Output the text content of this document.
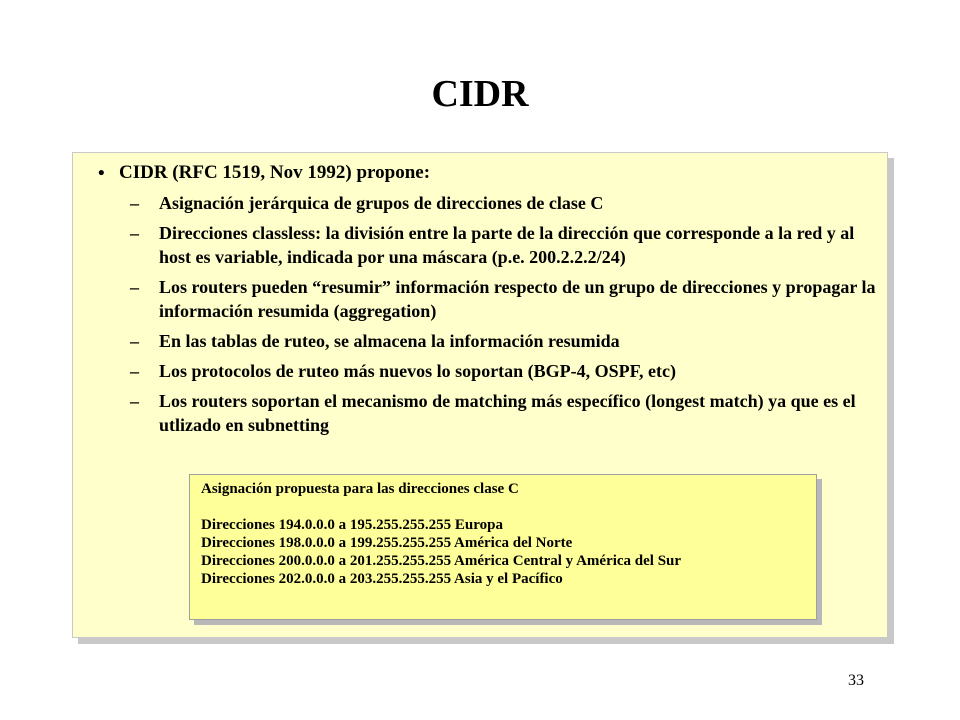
CIDR
• CIDR (RFC 1519, Nov 1992) propone:
– Asignación jerárquica de grupos de direcciones de clase C
– Direcciones classless: la división entre la parte de la dirección que corresponde a la red y al host es variable, indicada por una máscara (p.e. 200.2.2.2/24)
– Los routers pueden “resumir” información respecto de un grupo de direcciones y propagar la información resumida (aggregation)
– En las tablas de ruteo, se almacena la información resumida
– Los protocolos de ruteo más nuevos lo soportan (BGP-4, OSPF, etc)
– Los routers soportan el mecanismo de matching más específico (longest match) ya que es el utlizado en subnetting
Asignación propuesta para las direcciones clase C

Direcciones 194.0.0.0 a 195.255.255.255 Europa
Direcciones 198.0.0.0 a 199.255.255.255 América del Norte
Direcciones 200.0.0.0 a 201.255.255.255 América Central y América del Sur
Direcciones 202.0.0.0 a 203.255.255.255 Asia y el Pacífico
33
